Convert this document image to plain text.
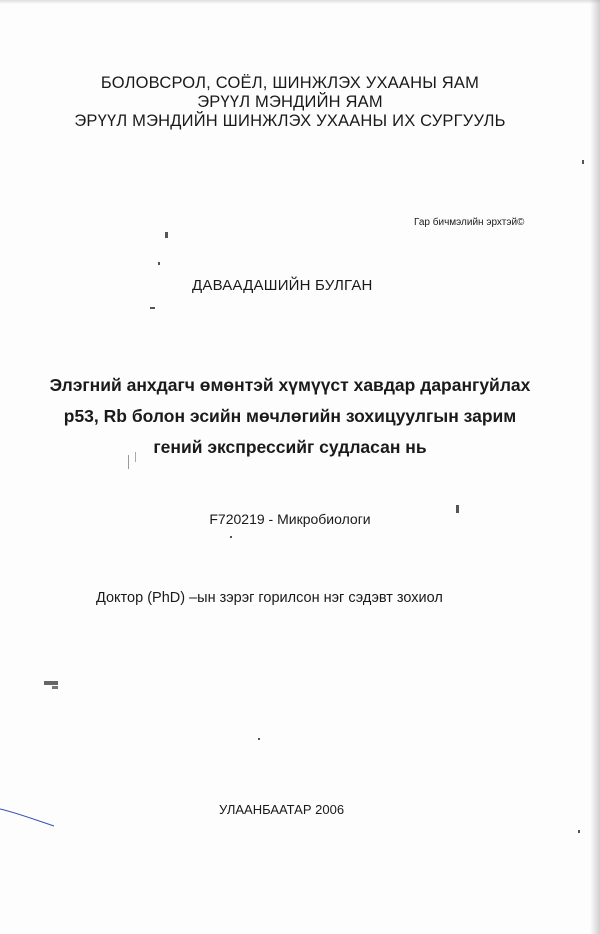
БОЛОВСРОЛ, СОЁЛ, ШИНЖЛЭХ УХААНЫ ЯАМ
ЭРҮҮЛ МЭНДИЙН ЯАМ
ЭРҮҮЛ МЭНДИЙН ШИНЖЛЭХ УХААНЫ ИХ СУРГУУЛЬ
Гар бичмэлийн эрхтэй©
ДАВААДАШИЙН БУЛГАН
Элэгний анхдагч өмөнтэй хүмүүст хавдар дарангуйлах
p53, Rb болон эсийн мөчлөгийн зохицуулгын зарим
гений экспрессийг судласан нь
F720219 - Микробиологи
Доктор (PhD) –ын зэрэг горилсон нэг сэдэвт зохиол
УЛААНБААТАР 2006
